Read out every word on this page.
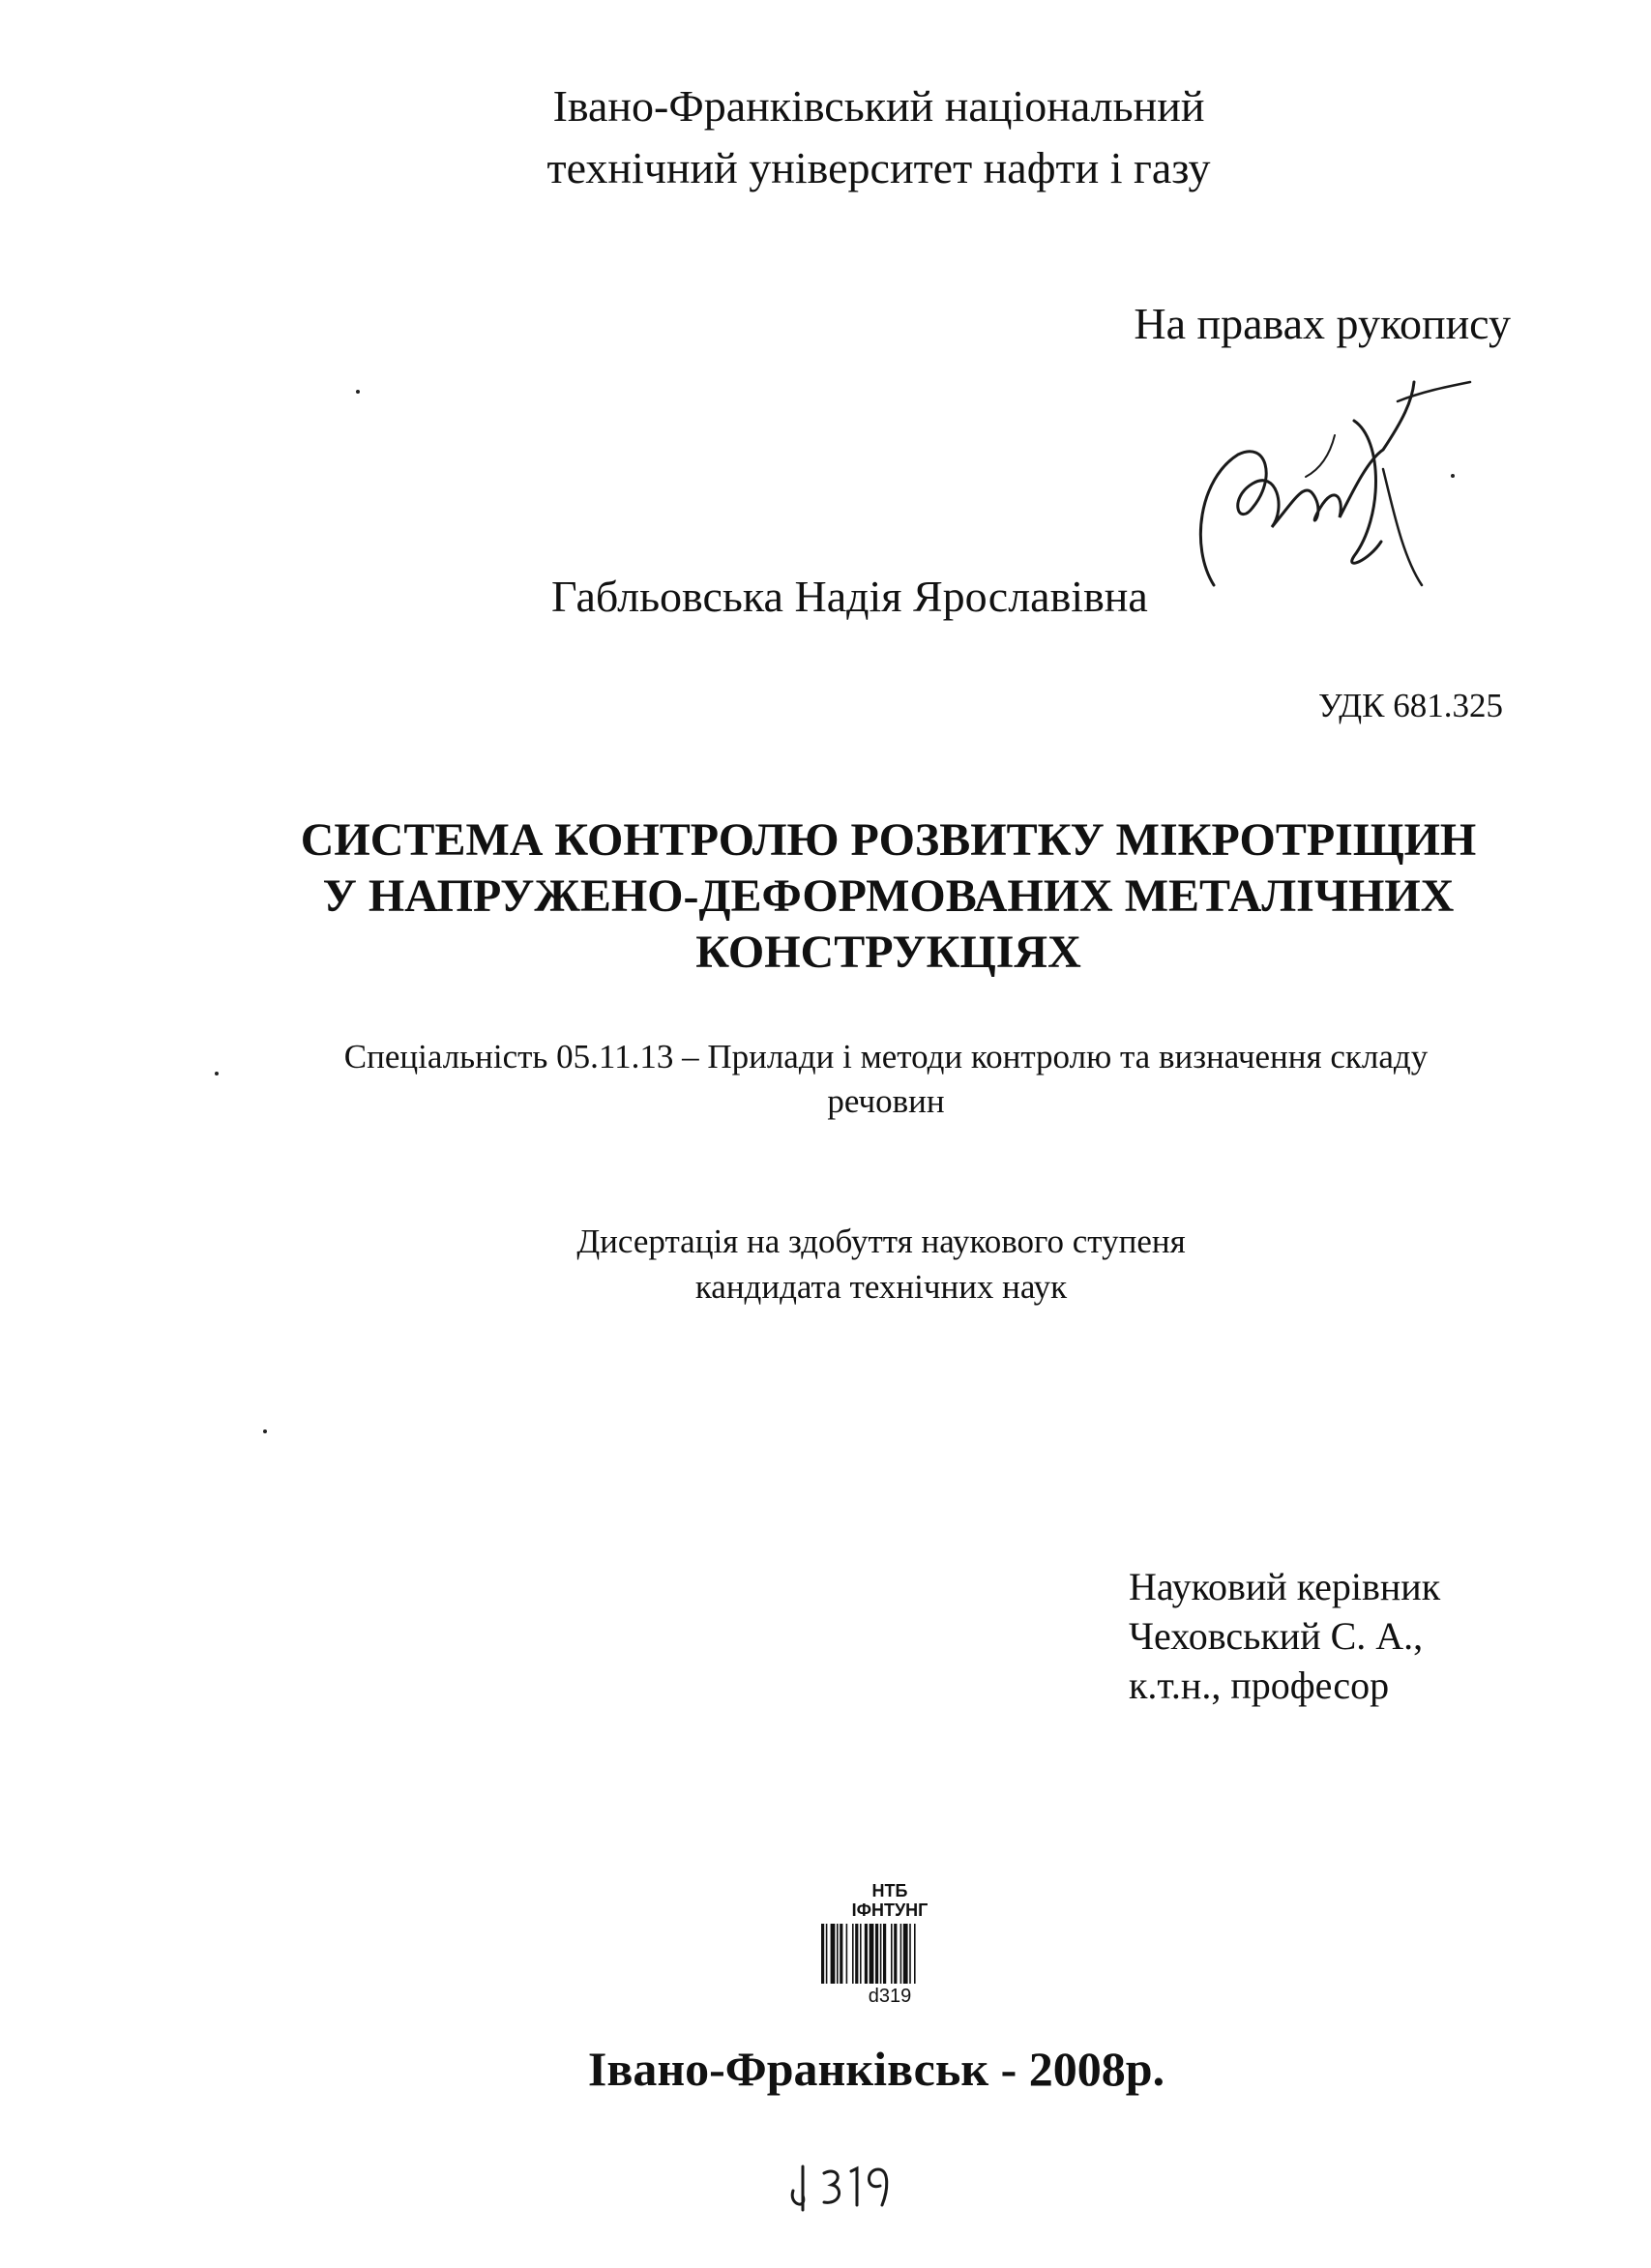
Івано-Франківський національний
технічний університет нафти і газу
На правах рукопису
Габльовська Надія Ярославівна
УДК 681.325
СИСТЕМА КОНТРОЛЮ РОЗВИТКУ МІКРОТРІЩИН
У НАПРУЖЕНО-ДЕФОРМОВАНИХ МЕТАЛІЧНИХ
КОНСТРУКЦІЯХ
Спеціальність 05.11.13 – Прилади і методи контролю та визначення складу
речовин
Дисертація на здобуття наукового ступеня
кандидата технічних наук
Науковий керівник
Чеховський С. А.,
к.т.н., професор
НТБ
ІФНТУНГ
d319
Івано-Франківськ - 2008р.
